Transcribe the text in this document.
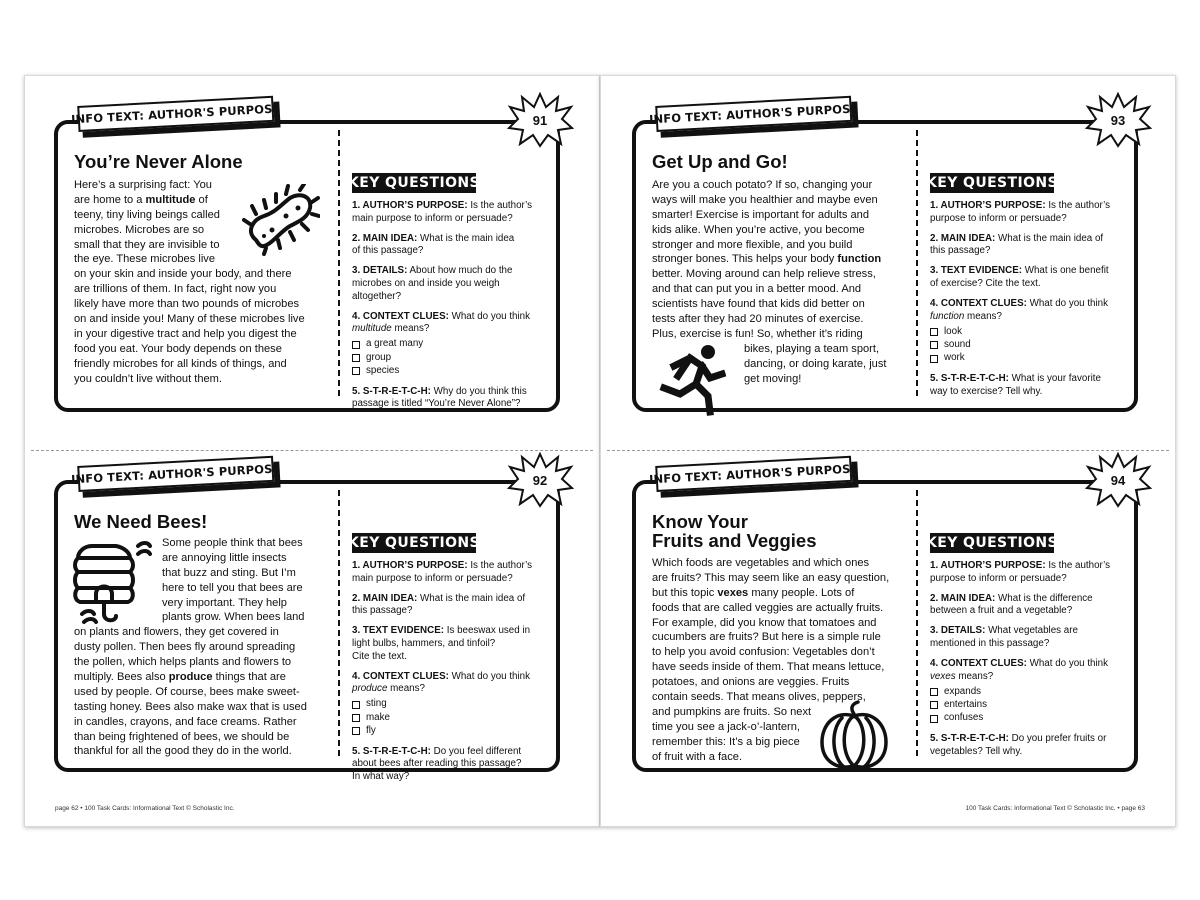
page 62 • 100 Task Cards: Informational Text © Scholastic Inc.	100 Task Cards: Informational Text © Scholastic Inc. • page 63
INFO TEXT: AUTHOR'S PURPOSE	91
You’re Never Alone
Here’s a surprising fact: You
are home to a multitude of
teeny, tiny living beings called
microbes. Microbes are so
small that they are invisible to
the eye. These microbes live
on your skin and inside your body, and there
are trillions of them. In fact, right now you
likely have more than two pounds of microbes
on and inside you! Many of these microbes live
in your digestive tract and help you digest the
food you eat. Your body depends on these
friendly microbes for all kinds of things, and
you couldn’t live without them.
KEY QUESTIONS
1. AUTHOR’S PURPOSE: Is the author’s
main purpose to inform or persuade?
2. MAIN IDEA: What is the main idea
of this passage?
3. DETAILS: About how much do the
microbes on and inside you weigh
altogether?
4. CONTEXT CLUES: What do you think
multitude means?
a great many
group
species
5. S-T-R-E-T-C-H: Why do you think this
passage is titled “You’re Never Alone”?
INFO TEXT: AUTHOR'S PURPOSE	93
Get Up and Go!
Are you a couch potato? If so, changing your
ways will make you healthier and maybe even
smarter! Exercise is important for adults and
kids alike. When you’re active, you become
stronger and more flexible, and you build
stronger bones. This helps your body function
better. Moving around can help relieve stress,
and that can put you in a better mood. And
scientists have found that kids did better on
tests after they had 20 minutes of exercise.
Plus, exercise is fun! So, whether it’s riding
bikes, playing a team sport,
dancing, or doing karate, just
get moving!
KEY QUESTIONS
1. AUTHOR’S PURPOSE: Is the author’s
purpose to inform or persuade?
2. MAIN IDEA: What is the main idea of
this passage?
3. TEXT EVIDENCE: What is one benefit
of exercise? Cite the text.
4. CONTEXT CLUES: What do you think
function means?
look
sound
work
5. S-T-R-E-T-C-H: What is your favorite
way to exercise? Tell why.
INFO TEXT: AUTHOR'S PURPOSE	92
We Need Bees!
Some people think that bees
are annoying little insects
that buzz and sting. But I’m
here to tell you that bees are
very important. They help
plants grow. When bees land
on plants and flowers, they get covered in
dusty pollen. Then bees fly around spreading
the pollen, which helps plants and flowers to
multiply. Bees also produce things that are
used by people. Of course, bees make sweet-
tasting honey. Bees also make wax that is used
in candles, crayons, and face creams. Rather
than being frightened of bees, we should be
thankful for all the good they do in the world.
KEY QUESTIONS
1. AUTHOR’S PURPOSE: Is the author’s
main purpose to inform or persuade?
2. MAIN IDEA: What is the main idea of
this passage?
3. TEXT EVIDENCE: Is beeswax used in
light bulbs, hammers, and tinfoil?
Cite the text.
4. CONTEXT CLUES: What do you think
produce means?
sting
make
fly
5. S-T-R-E-T-C-H: Do you feel different
about bees after reading this passage?
In what way?
INFO TEXT: AUTHOR'S PURPOSE	94
Know Your
Fruits and Veggies
Which foods are vegetables and which ones
are fruits? This may seem like an easy question,
but this topic vexes many people. Lots of
foods that are called veggies are actually fruits.
For example, did you know that tomatoes and
cucumbers are fruits? But here is a simple rule
to help you avoid confusion: Vegetables don’t
have seeds inside of them. That means lettuce,
potatoes, and onions are veggies. Fruits
contain seeds. That means olives, peppers,
and pumpkins are fruits. So next
time you see a jack-o’-lantern,
remember this: It’s a big piece
of fruit with a face.
KEY QUESTIONS
1. AUTHOR’S PURPOSE: Is the author’s
purpose to inform or persuade?
2. MAIN IDEA: What is the difference
between a fruit and a vegetable?
3. DETAILS: What vegetables are
mentioned in this passage?
4. CONTEXT CLUES: What do you think
vexes means?
expands
entertains
confuses
5. S-T-R-E-T-C-H: Do you prefer fruits or
vegetables? Tell why.
